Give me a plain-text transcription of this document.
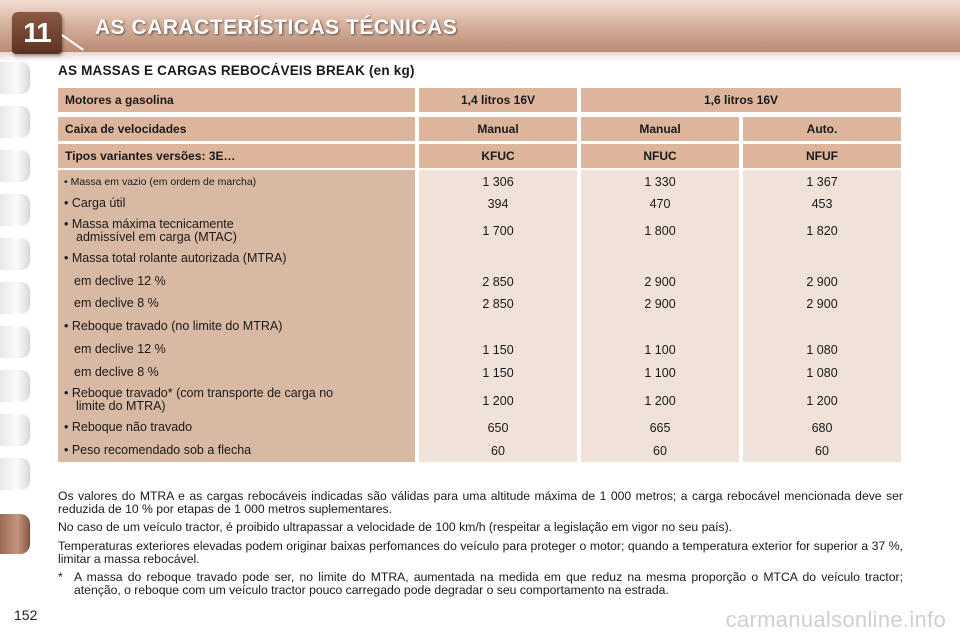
11	AS CARACTERÍSTICAS TÉCNICAS
AS MASSAS E CARGAS REBOCÁVEIS BREAK (en kg)
Motores a gasolina	1,4 litros 16V	1,6 litros 16V
Caixa de velocidades	Manual	Manual	Auto.
Tipos variantes versões: 3E…	KFUC	NFUC	NFUF
• Massa em vazio (em ordem de marcha)	1 306	1 330	1 367
• Carga útil	394	470	453
• Massa máxima tecnicamente
admissível em carga (MTAC)	1 700	1 800	1 820
• Massa total rolante autorizada (MTRA)
em declive 12 %	2 850	2 900	2 900
em declive 8 %	2 850	2 900	2 900
• Reboque travado (no limite do MTRA)
em declive 12 %	1 150	1 100	1 080
em declive 8 %	1 150	1 100	1 080
• Reboque travado* (com transporte de carga no
limite do MTRA)	1 200	1 200	1 200
• Reboque não travado	650	665	680
• Peso recomendado sob a flecha	60	60	60

Os valores do MTRA e as cargas rebocáveis indicadas são válidas para uma altitude máxima de 1 000 metros; a carga rebocável mencionada deve ser reduzida de 10 % por etapas de 1 000 metros suplementares.

No caso de um veículo tractor, é proibido ultrapassar a velocidade de 100 km/h (respeitar a legislação em vigor no seu país).

Temperaturas exteriores elevadas podem originar baixas perfomances do veículo para proteger o motor; quando a temperatura exterior for superior a 37 %, limitar a massa rebocável.

* A massa do reboque travado pode ser, no limite do MTRA, aumentada na medida em que reduz na mesma proporção o MTCA do veículo tractor; atenção, o reboque com um veículo tractor pouco carregado pode degradar o seu comportamento na estrada.
152	carmanualsonline.info
